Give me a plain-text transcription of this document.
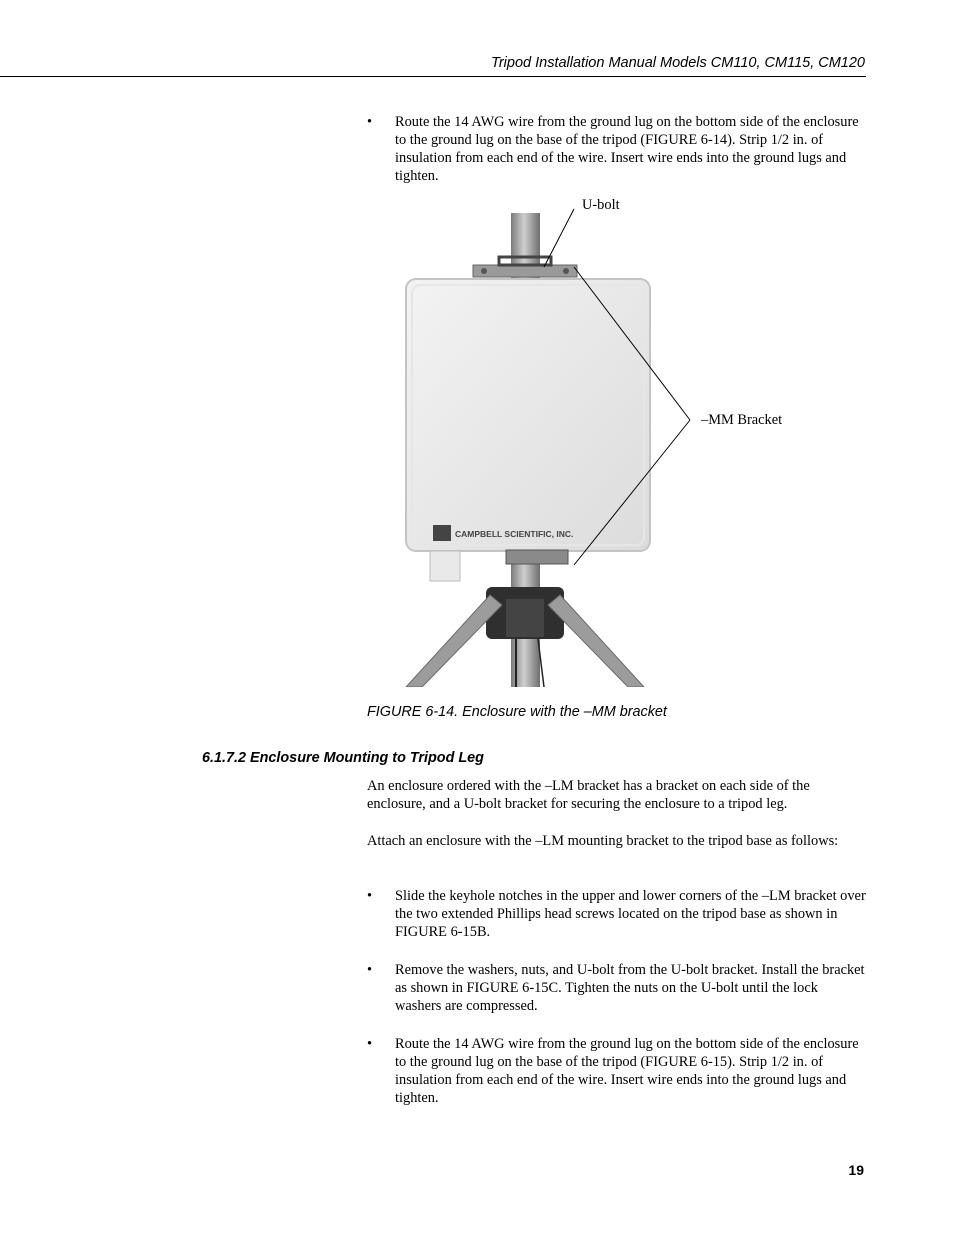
Tripod Installation Manual Models CM110, CM115, CM120
• Route the 14 AWG wire from the ground lug on the bottom side of the enclosure to the ground lug on the base of the tripod (FIGURE 6-14). Strip 1/2 in. of insulation from each end of the wire. Insert wire ends into the ground lugs and tighten.
CAMPBELL SCIENTIFIC, INC.
U-bolt
–MM Bracket
FIGURE 6-14. Enclosure with the –MM bracket
6.1.7.2 Enclosure Mounting to Tripod Leg

An enclosure ordered with the –LM bracket has a bracket on each side of the enclosure, and a U-bolt bracket for securing the enclosure to a tripod leg.

Attach an enclosure with the –LM mounting bracket to the tripod base as follows:

• Slide the keyhole notches in the upper and lower corners of the –LM bracket over the two extended Phillips head screws located on the tripod base as shown in FIGURE 6-15B.
• Remove the washers, nuts, and U-bolt from the U-bolt bracket. Install the bracket as shown in FIGURE 6-15C. Tighten the nuts on the U-bolt until the lock washers are compressed.
• Route the 14 AWG wire from the ground lug on the bottom side of the enclosure to the ground lug on the base of the tripod (FIGURE 6-15). Strip 1/2 in. of insulation from each end of the wire. Insert wire ends into the ground lugs and tighten.
19
